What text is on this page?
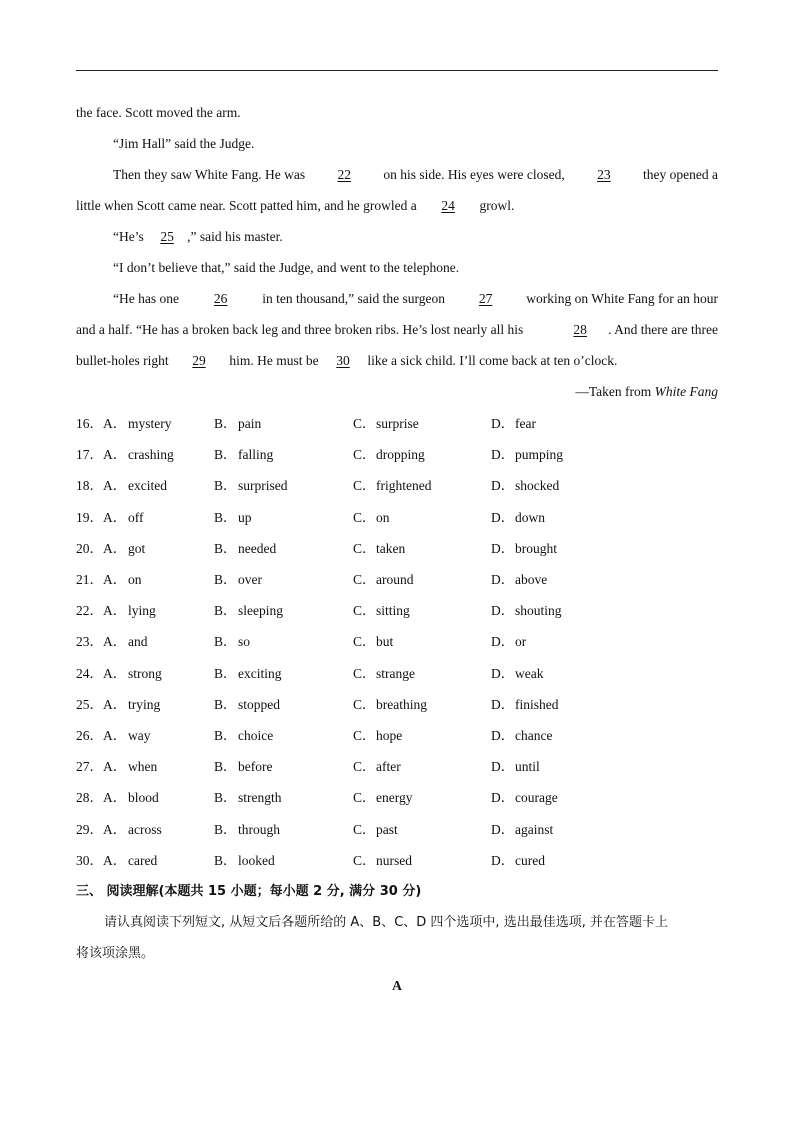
the face. Scott moved the arm.
“Jim Hall” said the Judge.
Then they saw White Fang. He was	22	on his side. His eyes were closed,	23	they opened a
little when Scott came near. Scott patted him, and he growled a 24 growl.
“He’s 25 ,” said his master.
“I don’t believe that,” said the Judge, and went to the telephone.
“He has one	26	in ten thousand,” said the surgeon	27	working on White Fang for an hour
and a half. “He has a broken back leg and three broken ribs. He’s lost nearly all his	28 . And there are three
bullet-holes right 29 him. He must be 30 like a sick child. I’ll come back at ten o’clock.
—Taken from White Fang
16．A． mystery	B． pain	C． surprise	D． fear
17．A． crashing	B． falling	C． dropping	D． pumping
18．A． excited	B． surprised	C． frightened	D． shocked
19．A． off	B． up	C． on	D． down
20．A． got	B． needed	C． taken	D． brought
21．A． on	B． over	C． around	D． above
22．A． lying	B． sleeping	C． sitting	D． shouting
23．A． and	B． so	C． but	D． or
24．A． strong	B． exciting	C． strange	D． weak
25．A． trying	B． stopped	C． breathing	D． finished
26．A． way	B． choice	C． hope	D． chance
27．A． when	B． before	C． after	D． until
28．A． blood	B． strength	C． energy	D． courage
29．A． across	B． through	C． past	D． against
30．A． cared	B． looked	C． nursed	D． cured
三、 阅读理解(本题共 15 小题；每小题 2 分, 满分 30 分)
请认真阅读下列短文, 从短文后各题所给的 A、B、C、D 四个选项中, 选出最佳选项, 并在答题卡上
将该项涂黑。
A
